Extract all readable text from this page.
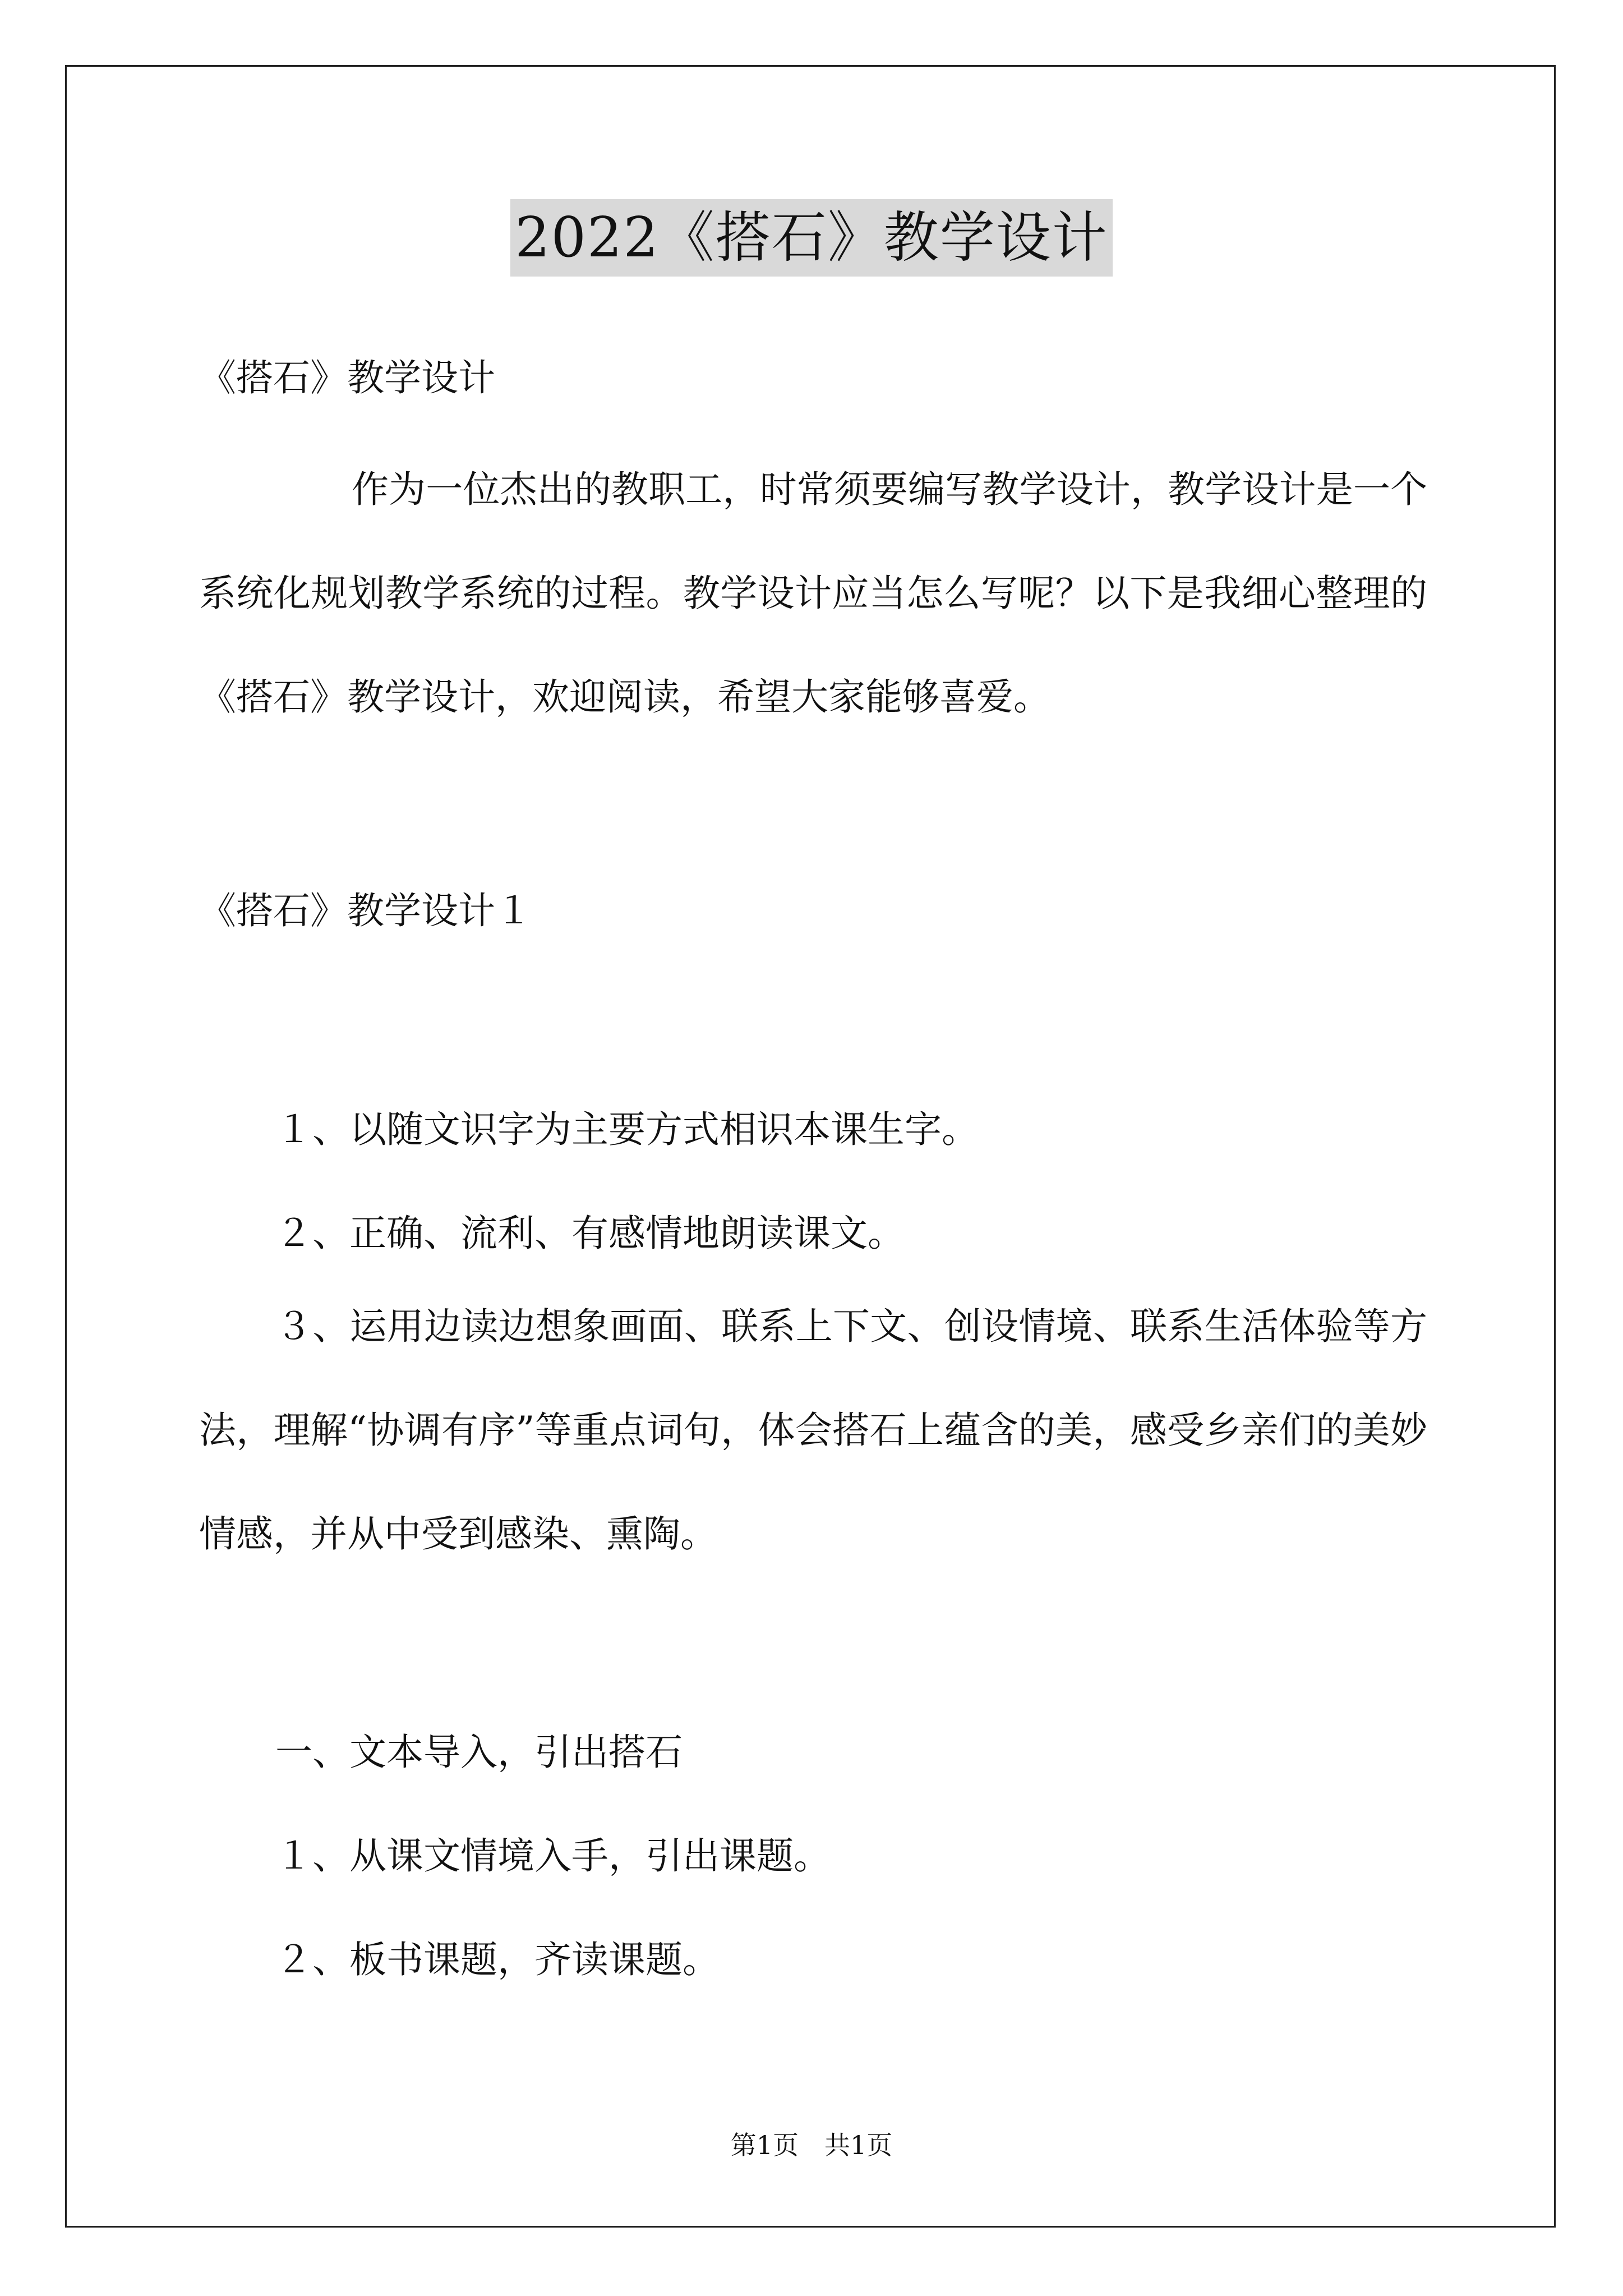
2022《搭石》教学设计

《搭石》教学设计

作为一位杰出的教职工，时常须要编写教学设计，教学设计是一个系统化规划教学系统的过程。教学设计应当怎么写呢？以下是我细心整理的《搭石》教学设计，欢迎阅读，希望大家能够喜爱。

《搭石》教学设计１

１、以随文识字为主要方式相识本课生字。

２、正确、流利、有感情地朗读课文。

３、运用边读边想象画面、联系上下文、创设情境、联系生活体验等方法，理解“协调有序”等重点词句，体会搭石上蕴含的美，感受乡亲们的美妙情感，并从中受到感染、熏陶。

一、文本导入，引出搭石

１、从课文情境入手，引出课题。

２、板书课题，齐读课题。

第1页　共1页
